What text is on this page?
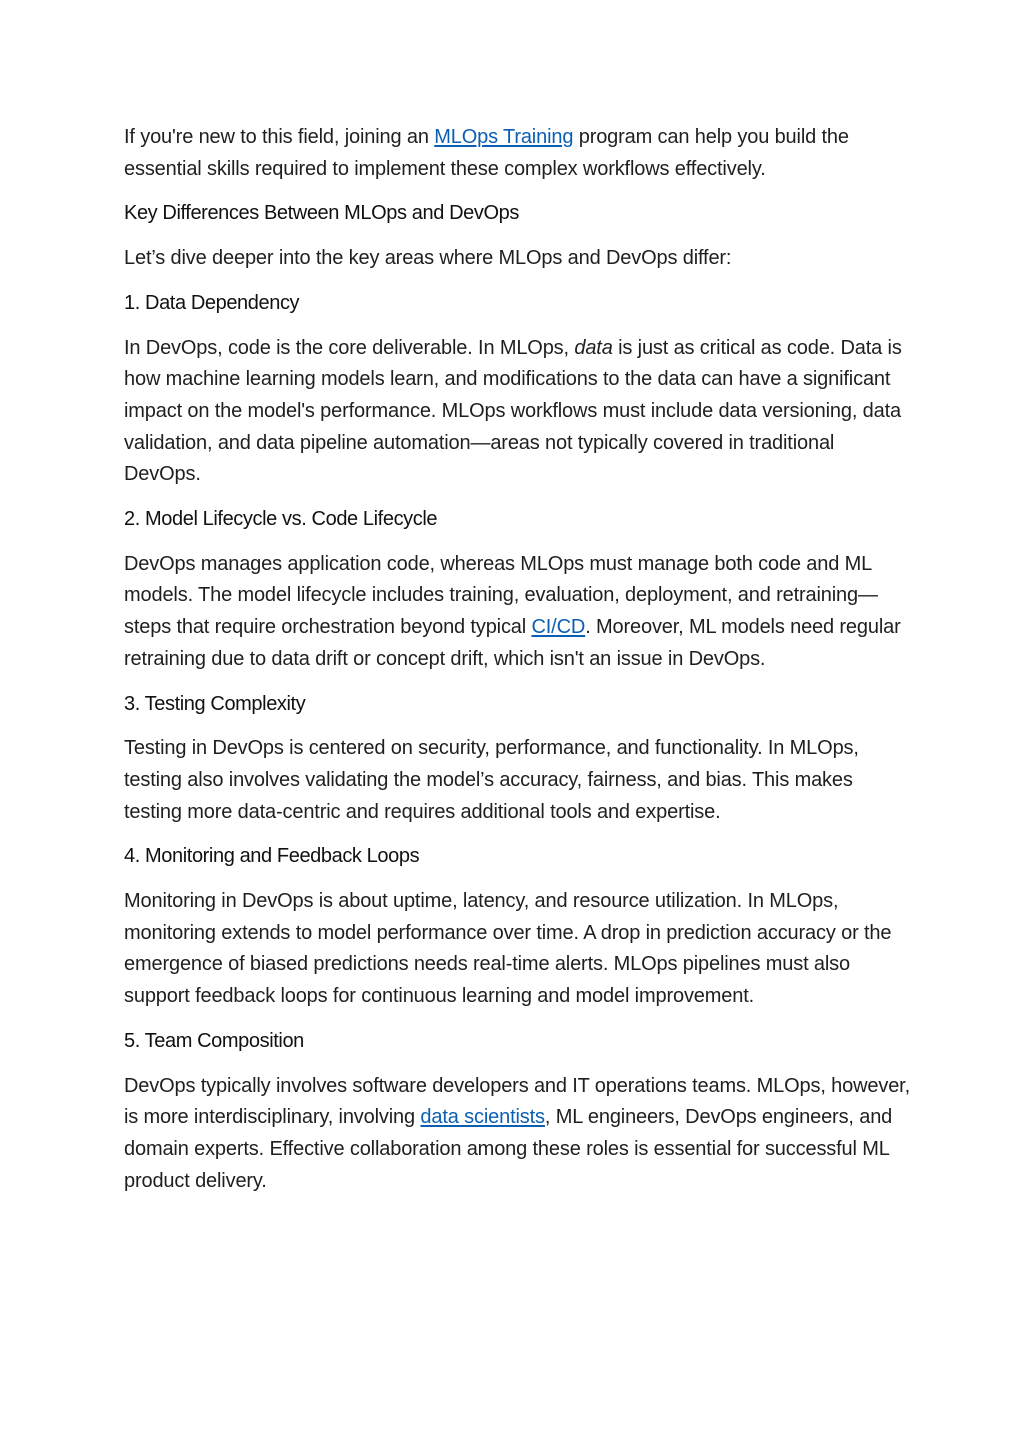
If you're new to this field, joining an MLOps Training program can help you build the essential skills required to implement these complex workflows effectively.

Key Differences Between MLOps and DevOps

Let’s dive deeper into the key areas where MLOps and DevOps differ:

1. Data Dependency

In DevOps, code is the core deliverable. In MLOps, data is just as critical as code. Data is how machine learning models learn, and modifications to the data can have a significant impact on the model's performance. MLOps workflows must include data versioning, data validation, and data pipeline automation—areas not typically covered in traditional DevOps.

2. Model Lifecycle vs. Code Lifecycle

DevOps manages application code, whereas MLOps must manage both code and ML models. The model lifecycle includes training, evaluation, deployment, and retraining—steps that require orchestration beyond typical CI/CD. Moreover, ML models need regular retraining due to data drift or concept drift, which isn't an issue in DevOps.

3. Testing Complexity

Testing in DevOps is centered on security, performance, and functionality. In MLOps, testing also involves validating the model’s accuracy, fairness, and bias. This makes testing more data-centric and requires additional tools and expertise.

4. Monitoring and Feedback Loops

Monitoring in DevOps is about uptime, latency, and resource utilization. In MLOps, monitoring extends to model performance over time. A drop in prediction accuracy or the emergence of biased predictions needs real-time alerts. MLOps pipelines must also support feedback loops for continuous learning and model improvement.

5. Team Composition

DevOps typically involves software developers and IT operations teams. MLOps, however, is more interdisciplinary, involving data scientists, ML engineers, DevOps engineers, and domain experts. Effective collaboration among these roles is essential for successful ML product delivery.
